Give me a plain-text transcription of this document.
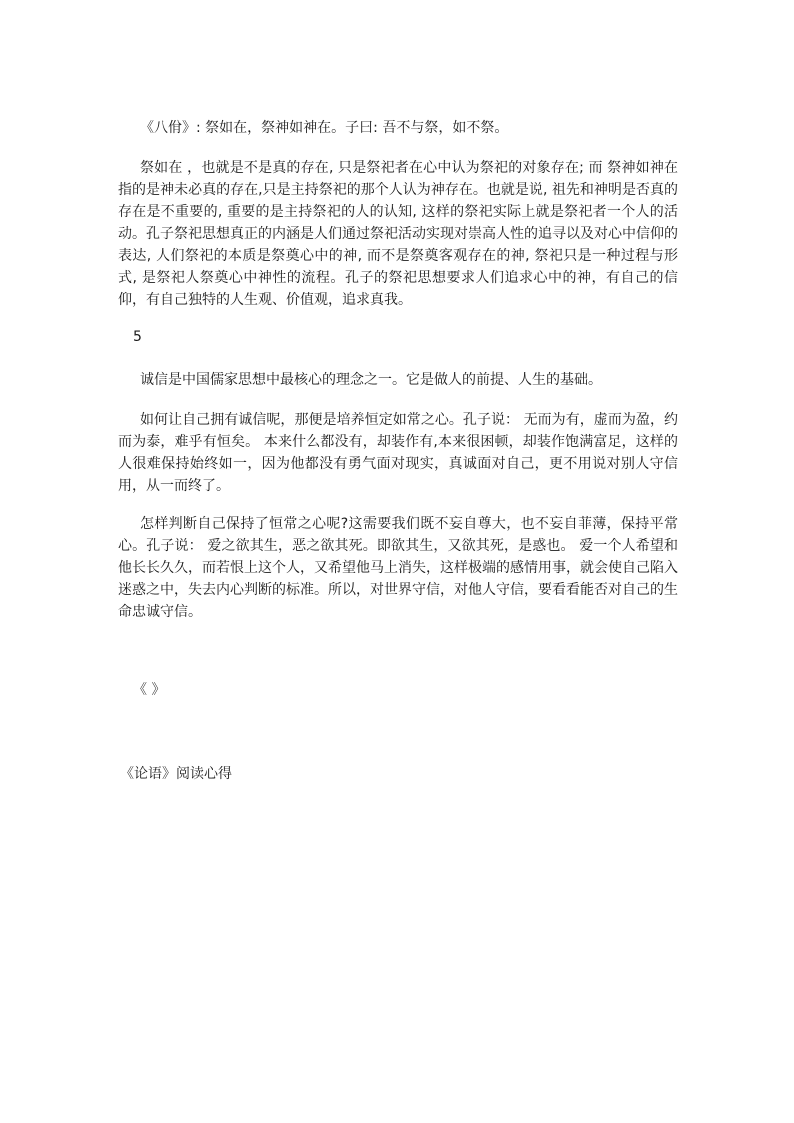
《八佾》: 祭如在，祭神如神在。子曰: 吾不与祭，如不祭。

祭如在 ，也就是不是真的存在, 只是祭祀者在心中认为祭祀的对象存在; 而 祭神如神在 指的是神未必真的存在,只是主持祭祀的那个人认为神存在。也就是说, 祖先和神明是否真的存在是不重要的, 重要的是主持祭祀的人的认知, 这样的祭祀实际上就是祭祀者一个人的活动。孔子祭祀思想真正的内涵是人们通过祭祀活动实现对崇高人性的追寻以及对心中信仰的表达, 人们祭祀的本质是祭奠心中的神, 而不是祭奠客观存在的神, 祭祀只是一种过程与形式, 是祭祀人祭奠心中神性的流程。孔子的祭祀思想要求人们追求心中的神，有自己的信仰，有自己独特的人生观、价值观，追求真我。

5

诚信是中国儒家思想中最核心的理念之一。它是做人的前提、人生的基础。

如何让自己拥有诚信呢，那便是培养恒定如常之心。孔子说： 无而为有，虚而为盈，约而为泰，难乎有恒矣。 本来什么都没有，却装作有,本来很困顿，却装作饱满富足，这样的人很难保持始终如一，因为他都没有勇气面对现实，真诚面对自己，更不用说对别人守信用，从一而终了。

怎样判断自己保持了恒常之心呢?这需要我们既不妄自尊大，也不妄自菲薄，保持平常心。孔子说： 爱之欲其生，恶之欲其死。即欲其生，又欲其死，是惑也。 爱一个人希望和他长长久久，而若恨上这个人，又希望他马上消失，这样极端的感情用事，就会使自己陷入迷惑之中，失去内心判断的标准。所以，对世界守信，对他人守信，要看看能否对自己的生命忠诚守信。

《 》

《论语》阅读心得
